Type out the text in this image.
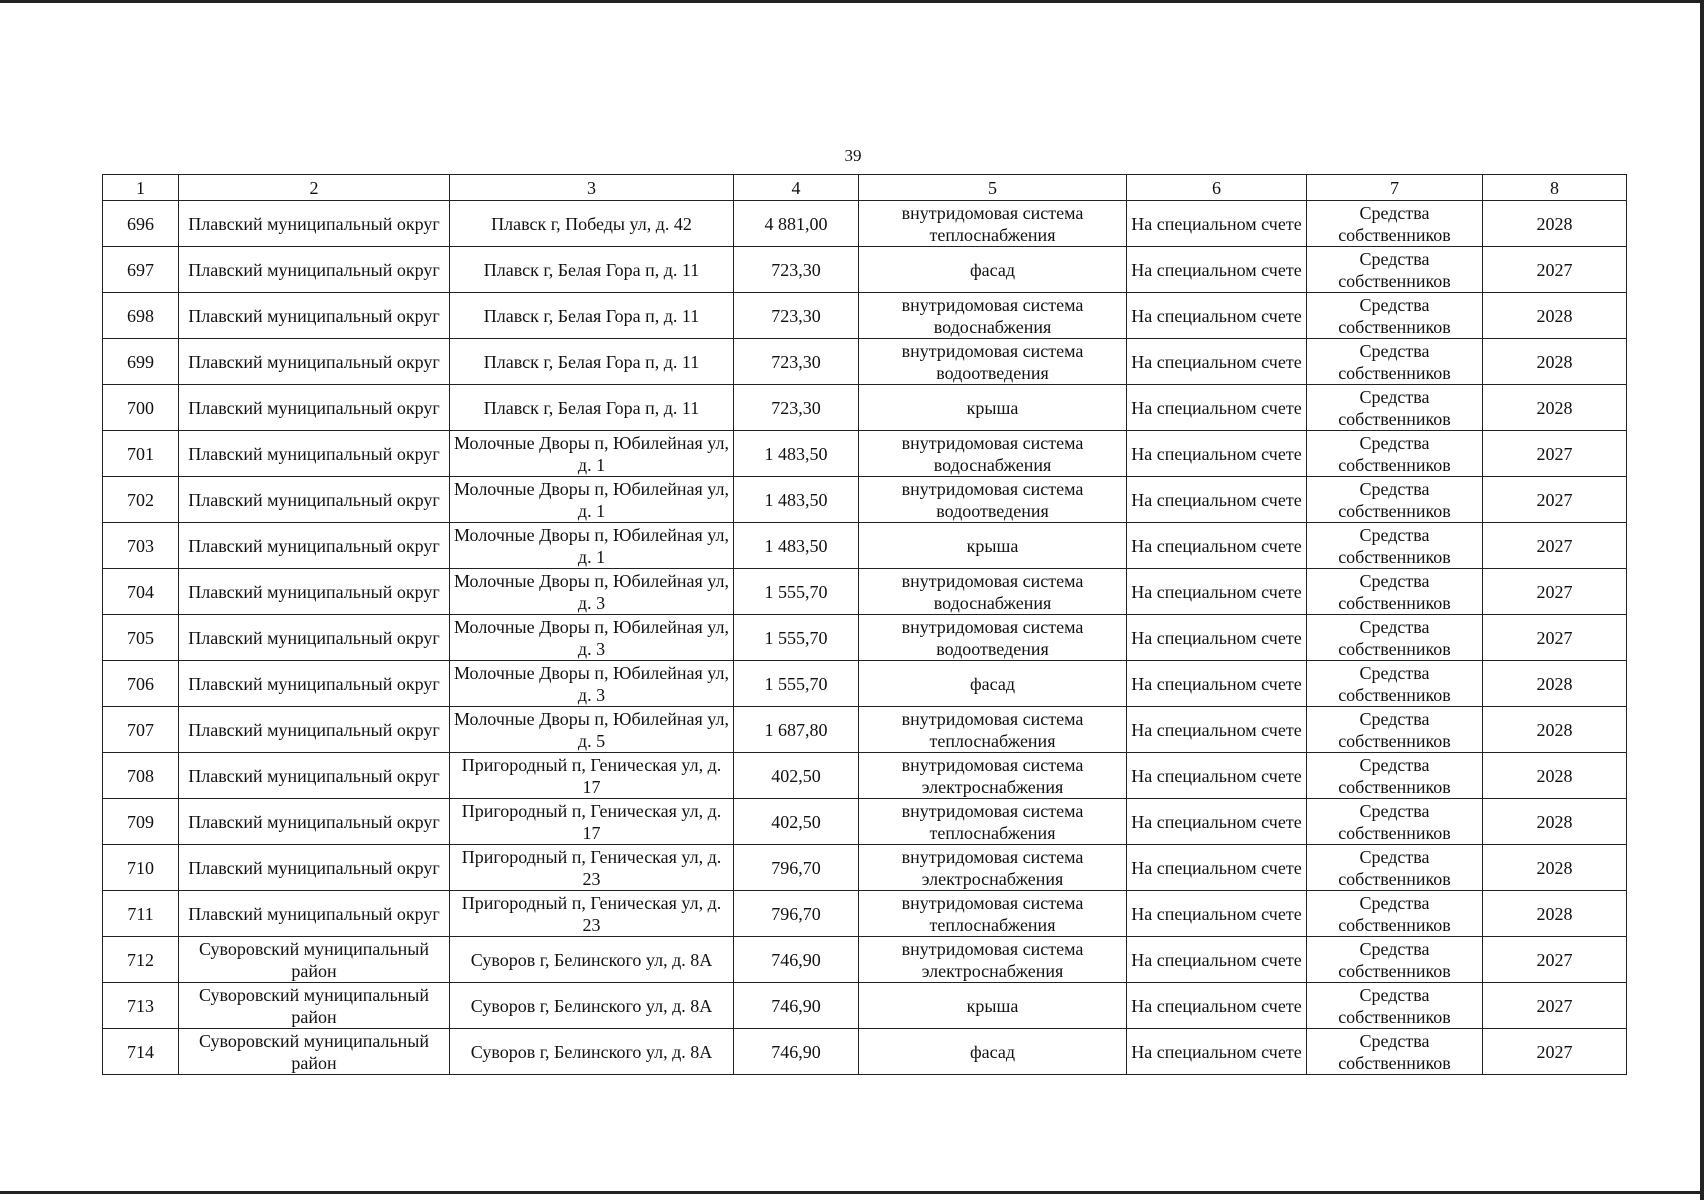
39
1	2	3	4	5	6	7	8
696	Плавский муниципальный округ	Плавск г, Победы ул, д. 42	4 881,00	внутридомовая система теплоснабжения	На специальном счете	Средства собственников	2028
697	Плавский муниципальный округ	Плавск г, Белая Гора п, д. 11	723,30	фасад	На специальном счете	Средства собственников	2027
698	Плавский муниципальный округ	Плавск г, Белая Гора п, д. 11	723,30	внутридомовая система водоснабжения	На специальном счете	Средства собственников	2028
699	Плавский муниципальный округ	Плавск г, Белая Гора п, д. 11	723,30	внутридомовая система водоотведения	На специальном счете	Средства собственников	2028
700	Плавский муниципальный округ	Плавск г, Белая Гора п, д. 11	723,30	крыша	На специальном счете	Средства собственников	2028
701	Плавский муниципальный округ	Молочные Дворы п, Юбилейная ул, д. 1	1 483,50	внутридомовая система водоснабжения	На специальном счете	Средства собственников	2027
702	Плавский муниципальный округ	Молочные Дворы п, Юбилейная ул, д. 1	1 483,50	внутридомовая система водоотведения	На специальном счете	Средства собственников	2027
703	Плавский муниципальный округ	Молочные Дворы п, Юбилейная ул, д. 1	1 483,50	крыша	На специальном счете	Средства собственников	2027
704	Плавский муниципальный округ	Молочные Дворы п, Юбилейная ул, д. 3	1 555,70	внутридомовая система водоснабжения	На специальном счете	Средства собственников	2027
705	Плавский муниципальный округ	Молочные Дворы п, Юбилейная ул, д. 3	1 555,70	внутридомовая система водоотведения	На специальном счете	Средства собственников	2027
706	Плавский муниципальный округ	Молочные Дворы п, Юбилейная ул, д. 3	1 555,70	фасад	На специальном счете	Средства собственников	2028
707	Плавский муниципальный округ	Молочные Дворы п, Юбилейная ул, д. 5	1 687,80	внутридомовая система теплоснабжения	На специальном счете	Средства собственников	2028
708	Плавский муниципальный округ	Пригородный п, Геническая ул, д. 17	402,50	внутридомовая система электроснабжения	На специальном счете	Средства собственников	2028
709	Плавский муниципальный округ	Пригородный п, Геническая ул, д. 17	402,50	внутридомовая система теплоснабжения	На специальном счете	Средства собственников	2028
710	Плавский муниципальный округ	Пригородный п, Геническая ул, д. 23	796,70	внутридомовая система электроснабжения	На специальном счете	Средства собственников	2028
711	Плавский муниципальный округ	Пригородный п, Геническая ул, д. 23	796,70	внутридомовая система теплоснабжения	На специальном счете	Средства собственников	2028
712	Суворовский муниципальный район	Суворов г, Белинского ул, д. 8А	746,90	внутридомовая система электроснабжения	На специальном счете	Средства собственников	2027
713	Суворовский муниципальный район	Суворов г, Белинского ул, д. 8А	746,90	крыша	На специальном счете	Средства собственников	2027
714	Суворовский муниципальный район	Суворов г, Белинского ул, д. 8А	746,90	фасад	На специальном счете	Средства собственников	2027
